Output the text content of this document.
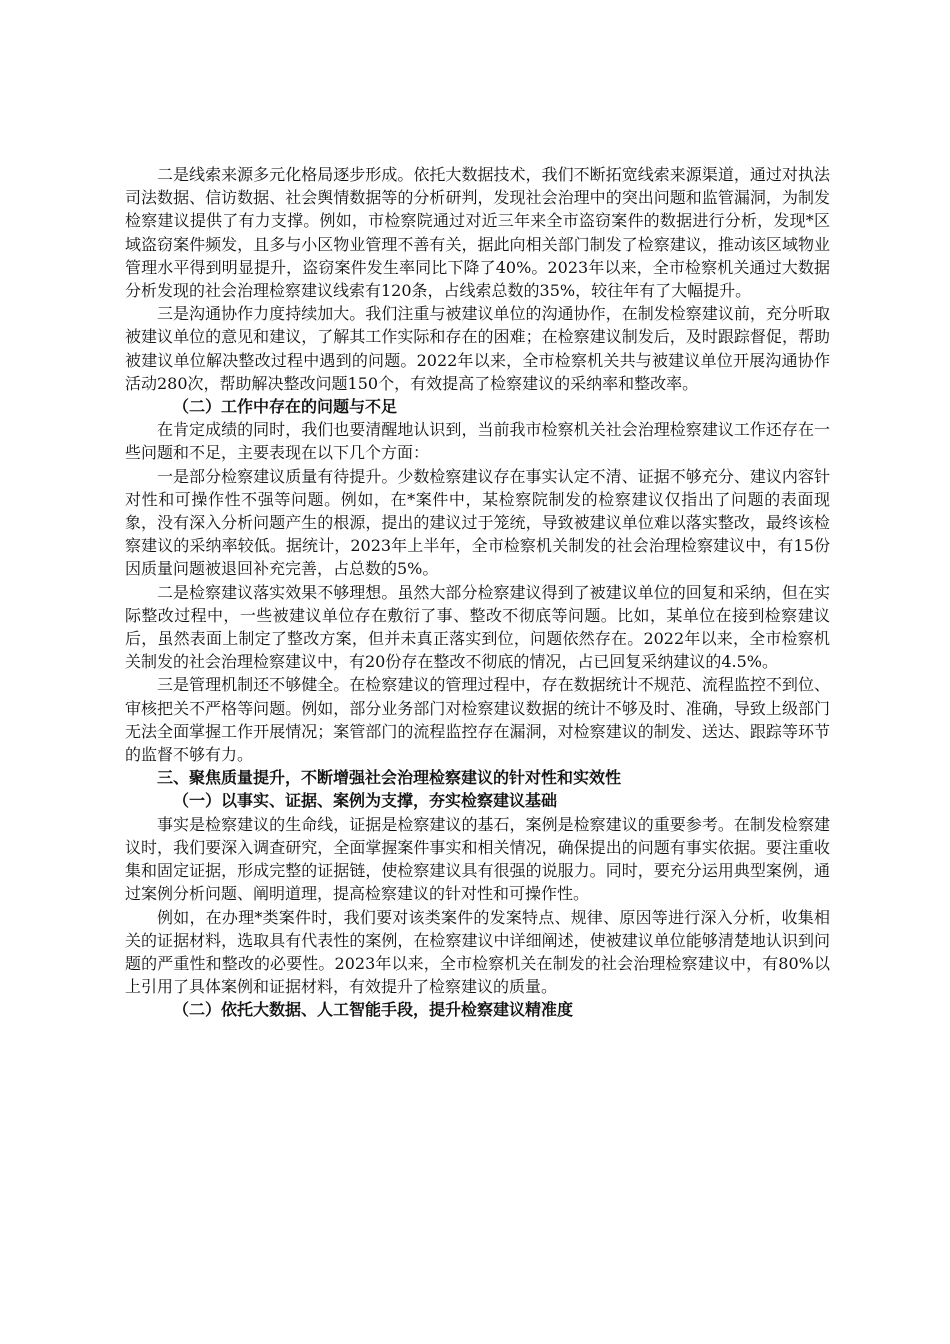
二是线索来源多元化格局逐步形成。依托大数据技术，我们不断拓宽线索来源渠道，通过对执法司法数据、信访数据、社会舆情数据等的分析研判，发现社会治理中的突出问题和监管漏洞，为制发检察建议提供了有力支撑。例如，市检察院通过对近三年来全市盗窃案件的数据进行分析，发现*区域盗窃案件频发，且多与小区物业管理不善有关，据此向相关部门制发了检察建议，推动该区域物业管理水平得到明显提升，盗窃案件发生率同比下降了40%。2023年以来，全市检察机关通过大数据分析发现的社会治理检察建议线索有120条，占线索总数的35%，较往年有了大幅提升。

三是沟通协作力度持续加大。我们注重与被建议单位的沟通协作，在制发检察建议前，充分听取被建议单位的意见和建议，了解其工作实际和存在的困难；在检察建议制发后，及时跟踪督促，帮助被建议单位解决整改过程中遇到的问题。2022年以来，全市检察机关共与被建议单位开展沟通协作活动280次，帮助解决整改问题150个，有效提高了检察建议的采纳率和整改率。

（二）工作中存在的问题与不足

在肯定成绩的同时，我们也要清醒地认识到，当前我市检察机关社会治理检察建议工作还存在一些问题和不足，主要表现在以下几个方面：

一是部分检察建议质量有待提升。少数检察建议存在事实认定不清、证据不够充分、建议内容针对性和可操作性不强等问题。例如，在*案件中，某检察院制发的检察建议仅指出了问题的表面现象，没有深入分析问题产生的根源，提出的建议过于笼统，导致被建议单位难以落实整改，最终该检察建议的采纳率较低。据统计，2023年上半年，全市检察机关制发的社会治理检察建议中，有15份因质量问题被退回补充完善，占总数的5%。

二是检察建议落实效果不够理想。虽然大部分检察建议得到了被建议单位的回复和采纳，但在实际整改过程中，一些被建议单位存在敷衍了事、整改不彻底等问题。比如，某单位在接到检察建议后，虽然表面上制定了整改方案，但并未真正落实到位，问题依然存在。2022年以来，全市检察机关制发的社会治理检察建议中，有20份存在整改不彻底的情况，占已回复采纳建议的4.5%。

三是管理机制还不够健全。在检察建议的管理过程中，存在数据统计不规范、流程监控不到位、审核把关不严格等问题。例如，部分业务部门对检察建议数据的统计不够及时、准确，导致上级部门无法全面掌握工作开展情况；案管部门的流程监控存在漏洞，对检察建议的制发、送达、跟踪等环节的监督不够有力。

三、聚焦质量提升，不断增强社会治理检察建议的针对性和实效性

（一）以事实、证据、案例为支撑，夯实检察建议基础

事实是检察建议的生命线，证据是检察建议的基石，案例是检察建议的重要参考。在制发检察建议时，我们要深入调查研究，全面掌握案件事实和相关情况，确保提出的问题有事实依据。要注重收集和固定证据，形成完整的证据链，使检察建议具有很强的说服力。同时，要充分运用典型案例，通过案例分析问题、阐明道理，提高检察建议的针对性和可操作性。

例如，在办理*类案件时，我们要对该类案件的发案特点、规律、原因等进行深入分析，收集相关的证据材料，选取具有代表性的案例，在检察建议中详细阐述，使被建议单位能够清楚地认识到问题的严重性和整改的必要性。2023年以来，全市检察机关在制发的社会治理检察建议中，有80%以上引用了具体案例和证据材料，有效提升了检察建议的质量。

（二）依托大数据、人工智能手段，提升检察建议精准度
